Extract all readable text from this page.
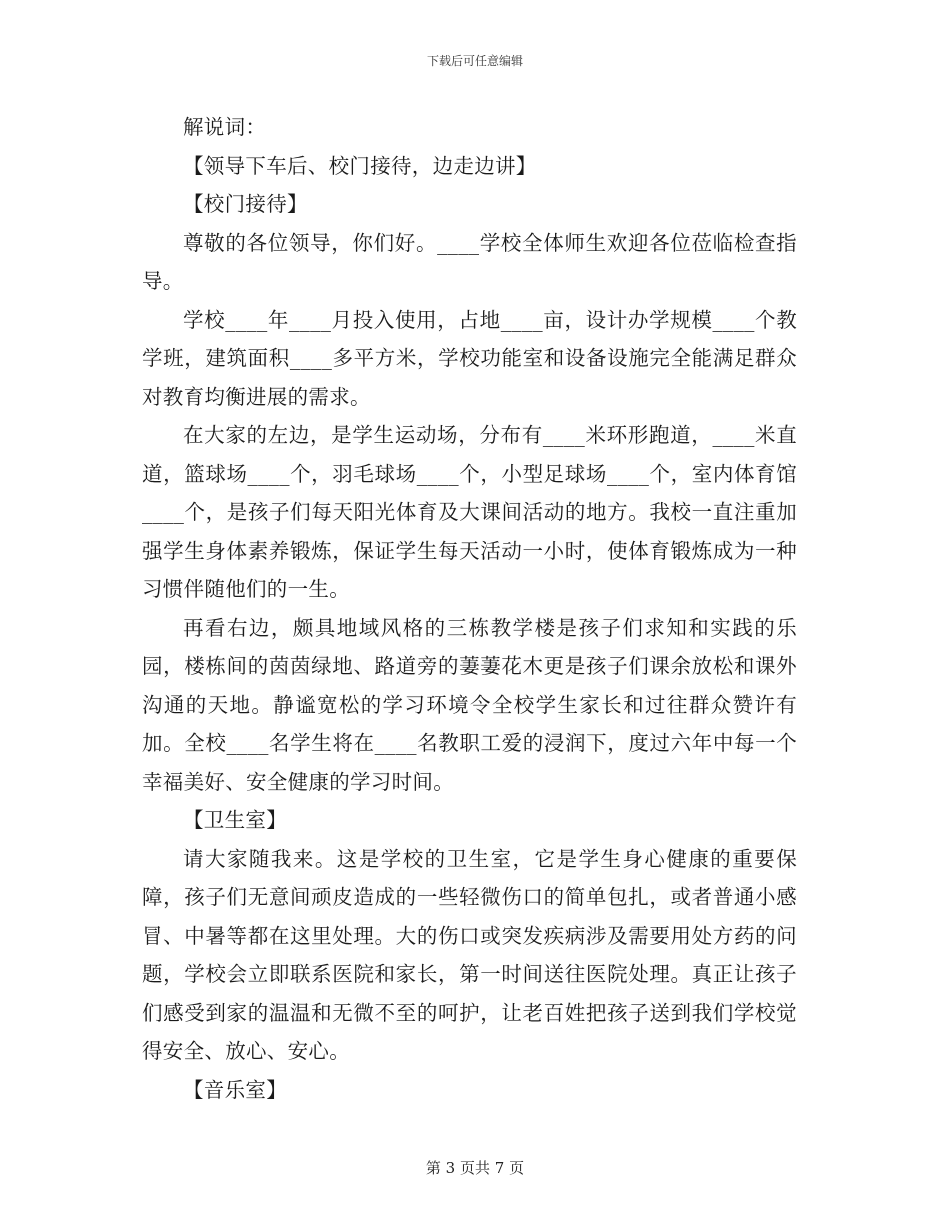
下载后可任意编辑

解说词：

【领导下车后、校门接待，边走边讲】

【校门接待】

尊敬的各位领导，你们好。____学校全体师生欢迎各位莅临检查指导。

学校____年____月投入使用，占地____亩，设计办学规模____个教学班，建筑面积____多平方米，学校功能室和设备设施完全能满足群众对教育均衡进展的需求。

在大家的左边，是学生运动场，分布有____米环形跑道，____米直道，篮球场____个，羽毛球场____个，小型足球场____个，室内体育馆____个，是孩子们每天阳光体育及大课间活动的地方。我校一直注重加强学生身体素养锻炼，保证学生每天活动一小时，使体育锻炼成为一种习惯伴随他们的一生。

再看右边，颇具地域风格的三栋教学楼是孩子们求知和实践的乐园，楼栋间的茵茵绿地、路道旁的萋萋花木更是孩子们课余放松和课外沟通的天地。静谧宽松的学习环境令全校学生家长和过往群众赞许有加。全校____名学生将在____名教职工爱的浸润下，度过六年中每一个幸福美好、安全健康的学习时间。

【卫生室】

请大家随我来。这是学校的卫生室，它是学生身心健康的重要保障，孩子们无意间顽皮造成的一些轻微伤口的简单包扎，或者普通小感冒、中暑等都在这里处理。大的伤口或突发疾病涉及需要用处方药的问题，学校会立即联系医院和家长，第一时间送往医院处理。真正让孩子们感受到家的温温和无微不至的呵护，让老百姓把孩子送到我们学校觉得安全、放心、安心。

【音乐室】

第 3 页共 7 页
